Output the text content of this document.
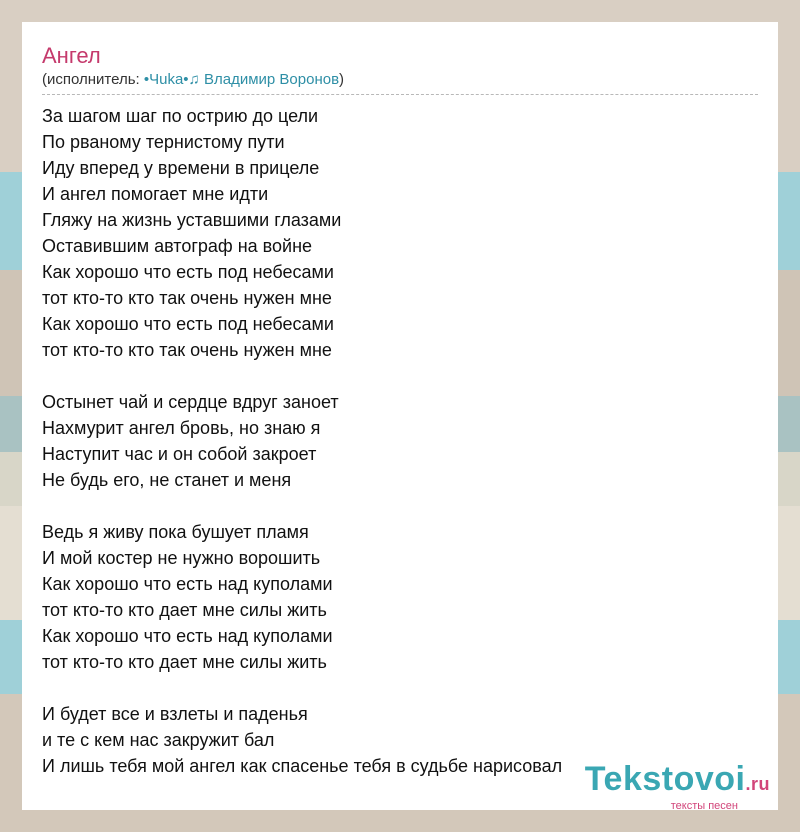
Ангел
(исполнитель: •Чuka•♫ Владимир Воронов)
За шагом шаг по острию до цели
По рваному тернистому пути
Иду вперед у времени в прицеле
И ангел помогает мне идти
Гляжу на жизнь уставшими глазами
Оставившим автограф на войне
Как хорошо что есть под небесами
тот кто-то кто так очень нужен мне
Как хорошо что есть под небесами
тот кто-то кто так очень нужен мне
Остынет чай и сердце вдруг заноет
Нахмурит ангел бровь, но знаю я
Наступит час и он собой закроет
Не будь его, не станет и меня
Ведь я живу пока бушует пламя
И мой костер не нужно ворошить
Как хорошо что есть над куполами
тот кто-то кто дает мне силы жить
Как хорошо что есть над куполами
тот кто-то кто дает мне силы жить
И будет все и взлеты и паденья
и те с кем нас закружит бал
И лишь тебя мой ангел как спасенье тебя в судьбе нарисовал Tekstovoi.ru
тексты песен
